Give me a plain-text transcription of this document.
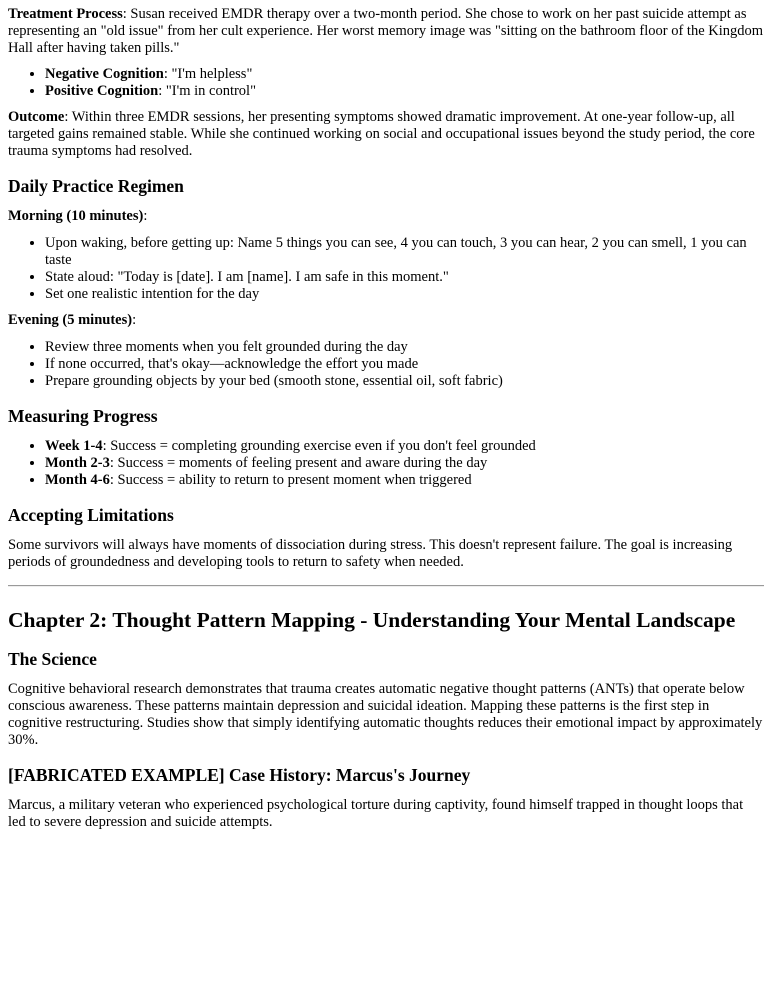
Treatment Process: Susan received EMDR therapy over a two-month period. She chose to work on her past suicide attempt as representing an "old issue" from her cult experience. Her worst memory image was "sitting on the bathroom floor of the Kingdom Hall after having taken pills."

• Negative Cognition: "I'm helpless"
• Positive Cognition: "I'm in control"

Outcome: Within three EMDR sessions, her presenting symptoms showed dramatic improvement. At one-year follow-up, all targeted gains remained stable. While she continued working on social and occupational issues beyond the study period, the core trauma symptoms had resolved.

Daily Practice Regimen
Morning (10 minutes):
• Upon waking, before getting up: Name 5 things you can see, 4 you can touch, 3 you can hear, 2 you can smell, 1 you can taste
• State aloud: "Today is [date]. I am [name]. I am safe in this moment."
• Set one realistic intention for the day
Evening (5 minutes):
• Review three moments when you felt grounded during the day
• If none occurred, that's okay—acknowledge the effort you made
• Prepare grounding objects by your bed (smooth stone, essential oil, soft fabric)
Measuring Progress
• Week 1-4: Success = completing grounding exercise even if you don't feel grounded
• Month 2-3: Success = moments of feeling present and aware during the day
• Month 4-6: Success = ability to return to present moment when triggered
Accepting Limitations

Some survivors will always have moments of dissociation during stress. This doesn't represent failure. The goal is increasing periods of groundedness and developing tools to return to safety when needed.

Chapter 2: Thought Pattern Mapping - Understanding Your Mental Landscape
The Science

Cognitive behavioral research demonstrates that trauma creates automatic negative thought patterns (ANTs) that operate below conscious awareness. These patterns maintain depression and suicidal ideation. Mapping these patterns is the first step in cognitive restructuring. Studies show that simply identifying automatic thoughts reduces their emotional impact by approximately 30%.

[FABRICATED EXAMPLE] Case History: Marcus's Journey

Marcus, a military veteran who experienced psychological torture during captivity, found himself trapped in thought loops that led to severe depression and suicide attempts.
